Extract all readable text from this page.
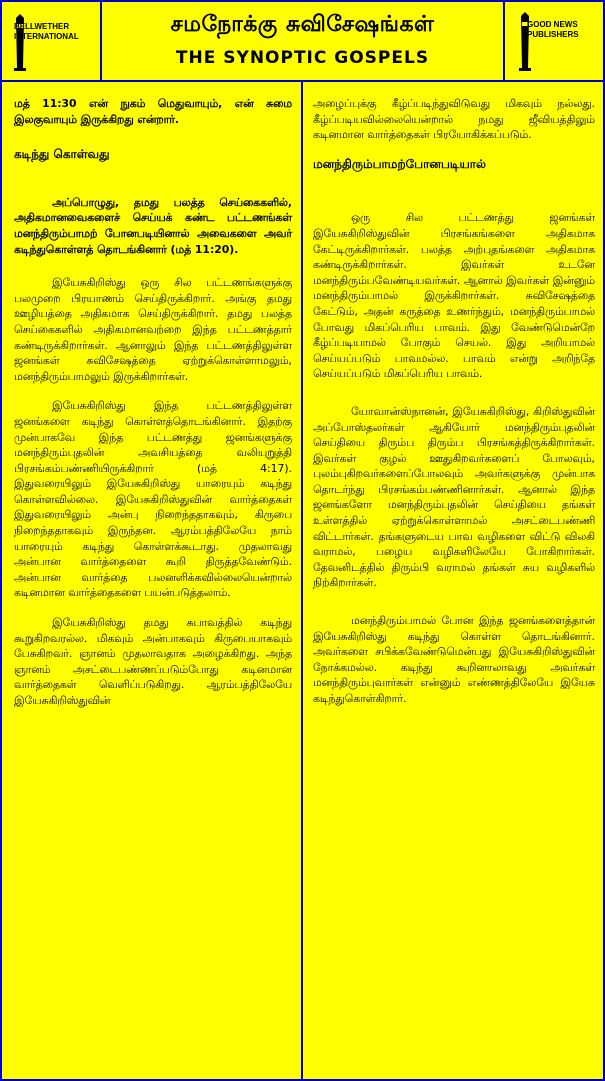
BELLWETHER
INTERNATIONAL	சமநோக்கு சுவிசேஷங்கள்
THE SYNOPTIC GOSPELS
GOOD NEWS
PUBLISHERS

மத் 11:30 என் நுகம் மெதுவாயும், என் சுமை இலகுவாயும் இருக்கிறது என்றார்.

கடிந்து கொள்வது

அப்பொழுது, தமது பலத்த செய்கைகளில், அதிகமானவைகளைச் செய்யக் கண்ட பட்டணங்கள் மனந்திரும்பாமற் போனபடியினால் அவைகளை அவர் கடிந்துகொள்ளத் தொடங்கினார் (மத் 11:20).

இயேசுகிறிஸ்து ஒரு சில பட்டணங்களுக்கு பலமுறை பிரயாணம் செய்திருக்கிறார். அங்கு தமது ஊழியத்தை அதிகமாக செய்திருக்கிறார். தமது பலத்த செய்கைகளில் அதிகமானவற்றை இந்த பட்டணத்தார் கண்டிருக்கிறார்கள். ஆனாலும் இந்த பட்டணத்திலுள்ள ஜனங்கள் சுவிசேஷத்தை ஏற்றுக்கொள்ளாமலும், மனந்திரும்பாமலும் இருக்கிறார்கள்.

இயேசுகிறிஸ்து இந்த பட்டணத்திலுள்ள ஜனங்களை கடிந்து கொள்ளத்தொடங்கினார். இதற்கு முன்பாகவே இந்த பட்டணத்து ஜனங்களுக்கு மனந்திரும்புதலின் அவசியத்தை வலியுறுத்தி பிரசங்கம்பண்ணியிருக்கிறார் (மத் 4:17). இதுவரையிலும் இயேசுகிறிஸ்து யாரையும் கடிந்து கொள்ளவில்லை. இயேசுகிறிஸ்துவின் வார்த்தைகள் இதுவரையிலும் அன்பு நிறைந்ததாகவும், கிருபை நிறைந்ததாகவும் இருந்தன. ஆரம்பத்திலேயே நாம் யாரையும் கடிந்து கொள்ளக்கூடாது. முதலாவது அன்பான வார்த்தைளை கூறி திருத்தவேண்டும். அன்பான வார்த்தை பலனளிக்கவில்லையென்றால் கடினமான வார்த்தைகளை பயன்படுத்தலாம்.

இயேசுகிறிஸ்து தமது சுபாவத்தில் கடிந்து கூறுகிறவரல்ல. மிகவும் அன்பாகவும் கிருபையாகவும் பேசுகிறவர். ஞானம் முதலாவதாக அழைக்கிறது. அந்த ஞானம் அசட்டைபண்ணப்படும்போது கடினமான வார்த்தைகள் வெளிப்படுகிறது. ஆரம்பத்திலேயே இயேசுகிறிஸ்துவின்

அழைப்புக்கு கீழ்ப்படிந்துவிடுவது மிகவும் நல்லது. கீழ்ப்படியவில்லையென்றால் நமது ஜீவியத்திலும் கடினமான வார்த்தைகள் பிரயோகிக்கப்படும்.

மனந்திரும்பாமற்போனபடியால்

ஒரு சில பட்டணத்து ஜனங்கள் இயேசுகிறிஸ்துவின் பிரசங்கங்களை அதிகமாக கேட்டிருக்கிறார்கள். பலத்த அற்புதங்களை அதிகமாக கண்டிருக்கிறார்கள். இவர்கள் உடனே மனந்திரும்பவேண்டியவர்கள். ஆனால் இவர்கள் இன்னும் மனந்திரும்பாமல் இருக்கிறார்கள். சுவிசேஷத்தை கேட்டும், அதன் கருத்தை உணர்ந்தும், மனந்திரும்பாமல் போவது மிகப்பெரிய பாவம். இது வேண்டுமென்றே கீழ்ப்படியாமல் போகும் செயல். இது அறியாமல் செய்யப்படும் பாவமல்ல. பாவம் என்று அறிந்தே செய்யப்படும் மிகப்பெரிய பாவம்.

யோவான்ஸ்நானன், இயேசுகிறிஸ்து, கிறிஸ்துவின் அப்போஸ்தலர்கள் ஆகியோர் மனந்திரும்புதலின் செய்தியை திரும்ப திரும்ப பிரசங்கத்திருக்கிறார்கள். இவர்கள் குழல் ஊதுகிறவர்களைப் போலவும், புலம்புகிறவர்களைப்போலவும் அவர்களுக்கு முன்பாக தொடர்ந்து பிரசங்கம்பண்ணினார்கள். ஆனால் இந்த ஜனங்களோ மனந்திரும்புதலின் செய்தியை தங்கள் உள்ளத்தில் ஏற்றுக்கொள்ளாமல் அசட்டைபண்ணி விட்டார்கள். தங்களுடைய பாவ வழிகளை விட்டு விலகி வராமல், பழைய வழிகளிலேயே போகிறார்கள். தேவனிடத்தில் திரும்பி வராமல் தங்கள் சுய வழிகளில் நிற்கிறார்கள்.

மனந்திரும்பாமல் போன இந்த ஜனங்களைத்தான் இயேசுகிறிஸ்து கடிந்து கொள்ள தொடங்கினார். அவர்களை சபிக்கவேண்டுமென்பது இயேசுகிறிஸ்துவின் நோக்கமல்ல. கடிந்து கூறினாலாவது அவர்கள் மனந்திரும்புவார்கள் என்னும் எண்ணத்திலேயே இயேசு கடிந்துகொள்கிறார்.
